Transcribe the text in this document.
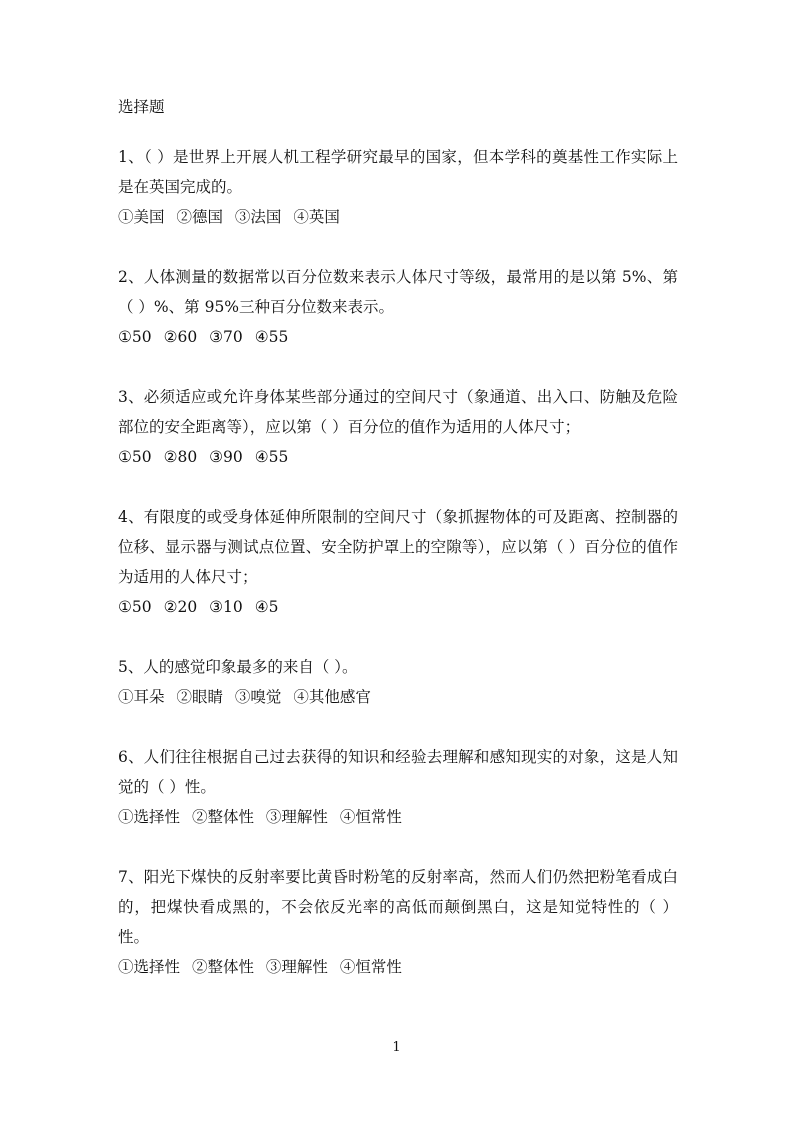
选择题

1、（ ）是世界上开展人机工程学研究最早的国家，但本学科的奠基性工作实际上是在英国完成的。

①美国 ②德国 ③法国 ④英国

2、人体测量的数据常以百分位数来表示人体尺寸等级，最常用的是以第 5%、第（ ）%、第 95%三种百分位数来表示。

①50 ②60 ③70 ④55

3、必须适应或允许身体某些部分通过的空间尺寸（象通道、出入口、防触及危险部位的安全距离等），应以第（ ）百分位的值作为适用的人体尺寸；

①50 ②80 ③90 ④55

4、有限度的或受身体延伸所限制的空间尺寸（象抓握物体的可及距离、控制器的位移、显示器与测试点位置、安全防护罩上的空隙等），应以第（ ）百分位的值作为适用的人体尺寸；

①50 ②20 ③10 ④5

5、人的感觉印象最多的来自（ ）。

①耳朵 ②眼睛 ③嗅觉 ④其他感官

6、人们往往根据自己过去获得的知识和经验去理解和感知现实的对象，这是人知觉的（ ）性。

①选择性 ②整体性 ③理解性 ④恒常性

7、阳光下煤快的反射率要比黄昏时粉笔的反射率高，然而人们仍然把粉笔看成白的，把煤快看成黑的，不会依反光率的高低而颠倒黑白，这是知觉特性的（ ）性。

①选择性 ②整体性 ③理解性 ④恒常性

1
